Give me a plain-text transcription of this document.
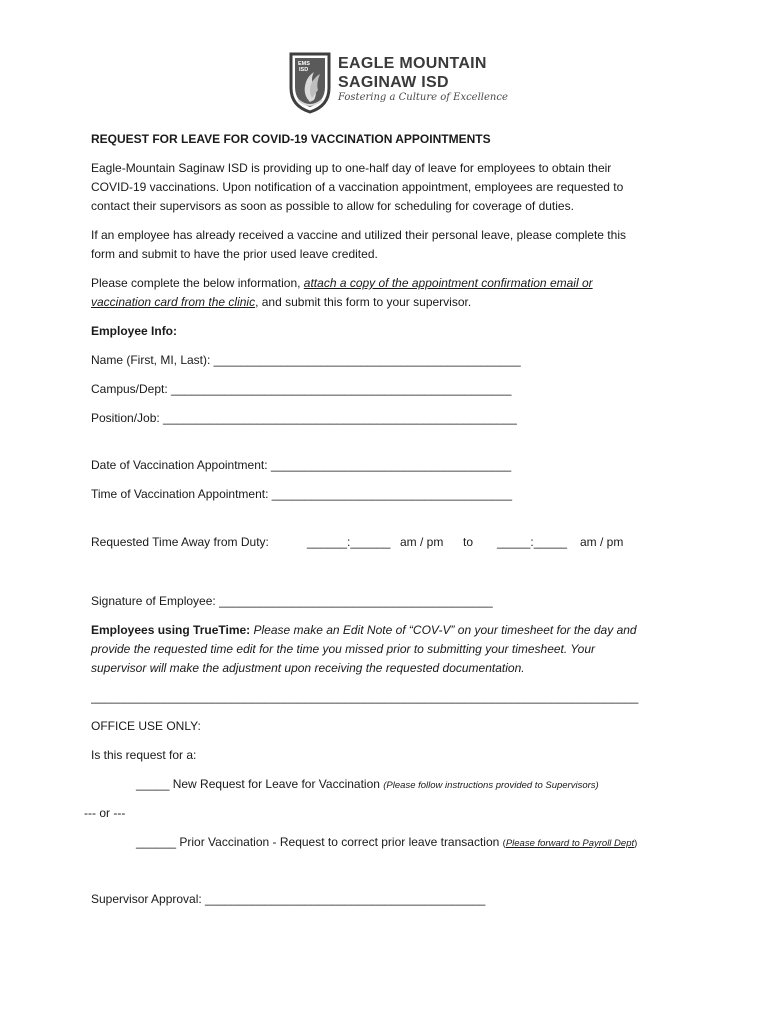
EMS
ISD EAGLE MOUNTAIN
SAGINAW ISD
Fostering a Culture of Excellence
REQUEST FOR LEAVE FOR COVID-19 VACCINATION APPOINTMENTS
Eagle-Mountain Saginaw ISD is providing up to one-half day of leave for employees to obtain their
COVID-19 vaccinations. Upon notification of a vaccination appointment, employees are requested to
contact their supervisors as soon as possible to allow for scheduling for coverage of duties.
If an employee has already received a vaccine and utilized their personal leave, please complete this
form and submit to have the prior used leave credited.
Please complete the below information, attach a copy of the appointment confirmation email or
vaccination card from the clinic, and submit this form to your supervisor.
Employee Info:
Name (First, MI, Last): ______________________________________________
Campus/Dept: ___________________________________________________
Position/Job: _____________________________________________________
Date of Vaccination Appointment: ____________________________________
Time of Vaccination Appointment: ____________________________________
Requested Time Away from Duty:	______:______ am / pm to _____:_____ am / pm
Signature of Employee: _________________________________________
Employees using TrueTime: Please make an Edit Note of “COV-V” on your timesheet for the day and
provide the requested time edit for the time you missed prior to submitting your timesheet. Your
supervisor will make the adjustment upon receiving the requested documentation.
__________________________________________________________________________________
OFFICE USE ONLY:
Is this request for a:
_____ New Request for Leave for Vaccination (Please follow instructions provided to Supervisors)
--- or ---
______ Prior Vaccination - Request to correct prior leave transaction (Please forward to Payroll Dept)
Supervisor Approval: __________________________________________
